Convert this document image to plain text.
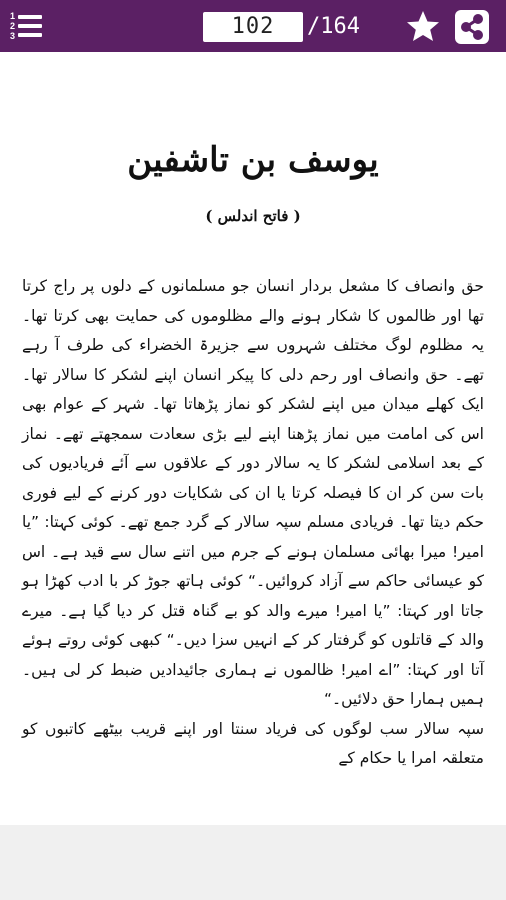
1
2
3	102	/164
یوسف بن تاشفین
( فاتح اندلس )

حق وانصاف کا مشعل بردار انسان جو مسلمانوں کے دلوں پر راج کرتا تھا اور ظالموں کا شکار ہونے والے مظلوموں کی حمایت بھی کرتا تھا۔ یہ مظلوم لوگ مختلف شہروں سے جزیرۃ الخضراء کی طرف آ رہے تھے۔ حق وانصاف اور رحم دلی کا پیکر انسان اپنے لشکر کا سالار تھا۔ ایک کھلے میدان میں اپنے لشکر کو نماز پڑھاتا تھا۔ شہر کے عوام بھی اس کی امامت میں نماز پڑھنا اپنے لیے بڑی سعادت سمجھتے تھے۔ نماز کے بعد اسلامی لشکر کا یہ سالار دور کے علاقوں سے آئے فریادیوں کی بات سن کر ان کا فیصلہ کرتا یا ان کی شکایات دور کرنے کے لیے فوری حکم دیتا تھا۔ فریادی مسلم سپہ سالار کے گرد جمع تھے۔ کوئی کہتا: ”یا امیر! میرا بھائی مسلمان ہونے کے جرم میں اتنے سال سے قید ہے۔ اس کو عیسائی حاکم سے آزاد کروائیں۔“ کوئی ہاتھ جوڑ کر با ادب کھڑا ہو جاتا اور کہتا: ”یا امیر! میرے والد کو بے گناہ قتل کر دیا گیا ہے۔ میرے والد کے قاتلوں کو گرفتار کر کے انہیں سزا دیں۔“ کبھی کوئی روتے ہوئے آتا اور کہتا: ”اے امیر! ظالموں نے ہماری جائیدادیں ضبط کر لی ہیں۔ ہمیں ہمارا حق دلائیں۔“

سپہ سالار سب لوگوں کی فریاد سنتا اور اپنے قریب بیٹھے کاتبوں کو متعلقہ امرا یا حکام کے
